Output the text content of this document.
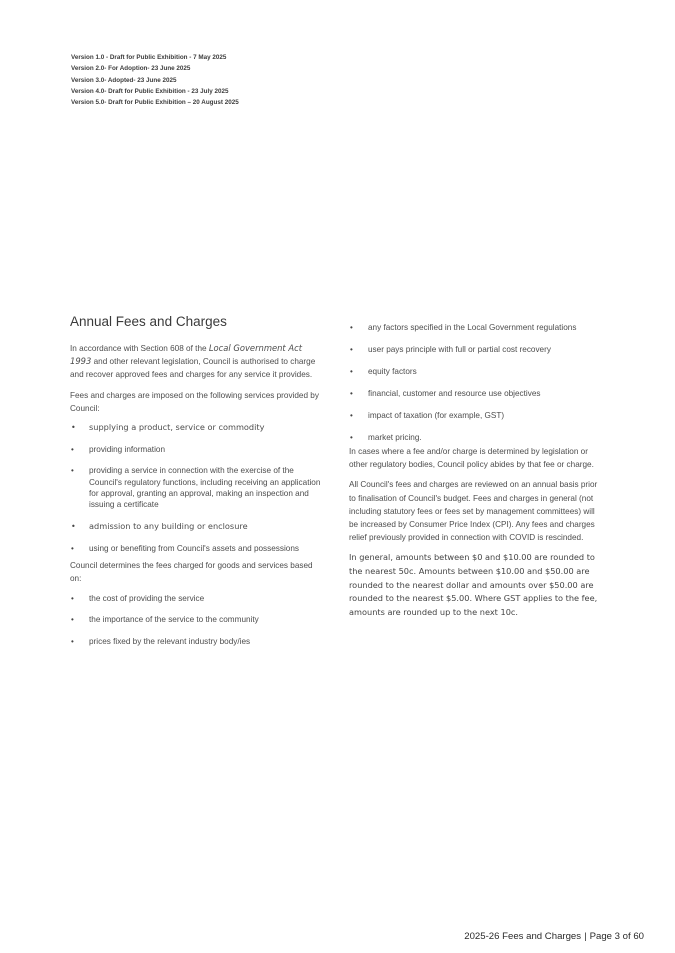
Version 1.0 - Draft for Public Exhibition - 7 May 2025
Version 2.0- For Adoption- 23 June 2025
Version 3.0- Adopted- 23 June 2025
Version 4.0- Draft for Public Exhibition - 23 July 2025
Version 5.0- Draft for Public Exhibition – 20 August 2025
Annual Fees and Charges

In accordance with Section 608 of the Local Government Act 1993 and other relevant legislation, Council is authorised to charge and recover approved fees and charges for any service it provides.

Fees and charges are imposed on the following services provided by Council:

• supplying a product, service or commodity
• providing information
• providing a service in connection with the exercise of the Council's regulatory functions, including receiving an application for approval, granting an approval, making an inspection and issuing a certificate
• admission to any building or enclosure
• using or benefiting from Council's assets and possessions

Council determines the fees charged for goods and services based on:

• the cost of providing the service
• the importance of the service to the community
• prices fixed by the relevant industry body/ies
• any factors specified in the Local Government regulations
• user pays principle with full or partial cost recovery
• equity factors
• financial, customer and resource use objectives
• impact of taxation (for example, GST)
• market pricing.

In cases where a fee and/or charge is determined by legislation or other regulatory bodies, Council policy abides by that fee or charge.

All Council's fees and charges are reviewed on an annual basis prior to finalisation of Council's budget. Fees and charges in general (not including statutory fees or fees set by management committees) will be increased by Consumer Price Index (CPI). Any fees and charges relief previously provided in connection with COVID is rescinded.

In general, amounts between $0 and $10.00 are rounded to the nearest 50c. Amounts between $10.00 and $50.00 are rounded to the nearest dollar and amounts over $50.00 are rounded to the nearest $5.00. Where GST applies to the fee, amounts are rounded up to the next 10c.

2025-26 Fees and Charges | Page 3 of 60
